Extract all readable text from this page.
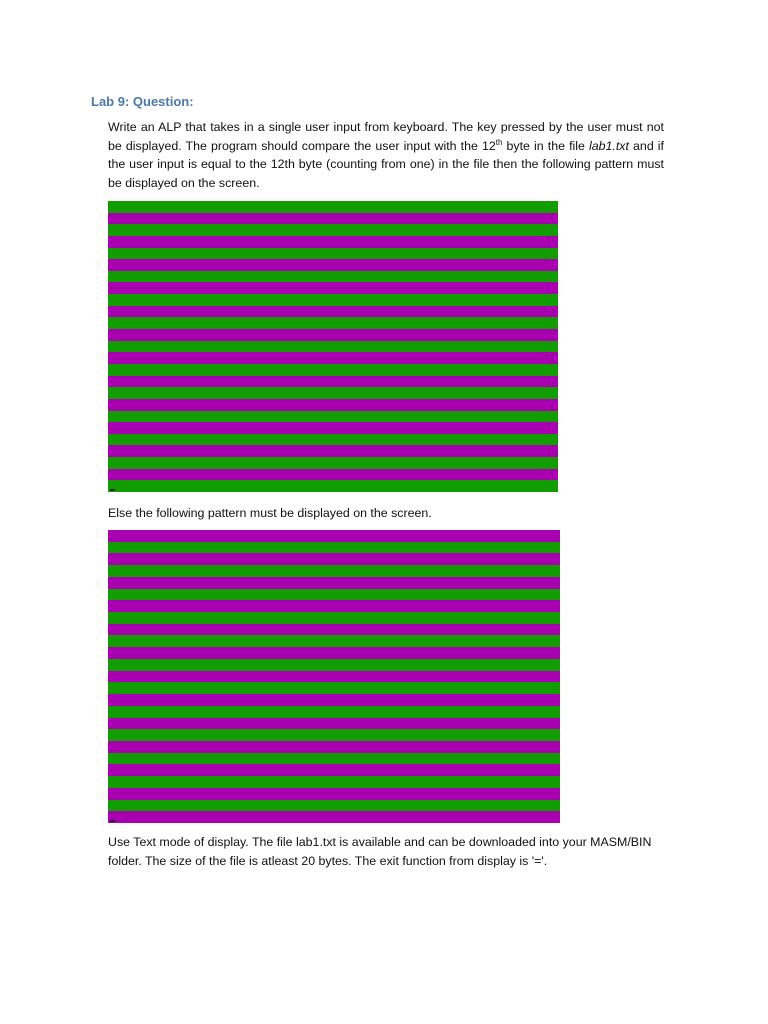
Lab 9: Question:
Write an ALP that takes in a single user input from keyboard. The key pressed by the user must not be displayed. The program should compare the user input with the 12th byte in the file lab1.txt and if the user input is equal to the 12th byte (counting from one) in the file then the following pattern must be displayed on the screen.
Else the following pattern must be displayed on the screen.
Use Text mode of display. The file lab1.txt is available and can be downloaded into your MASM/BIN folder. The size of the file is atleast 20 bytes. The exit function from display is '='.
